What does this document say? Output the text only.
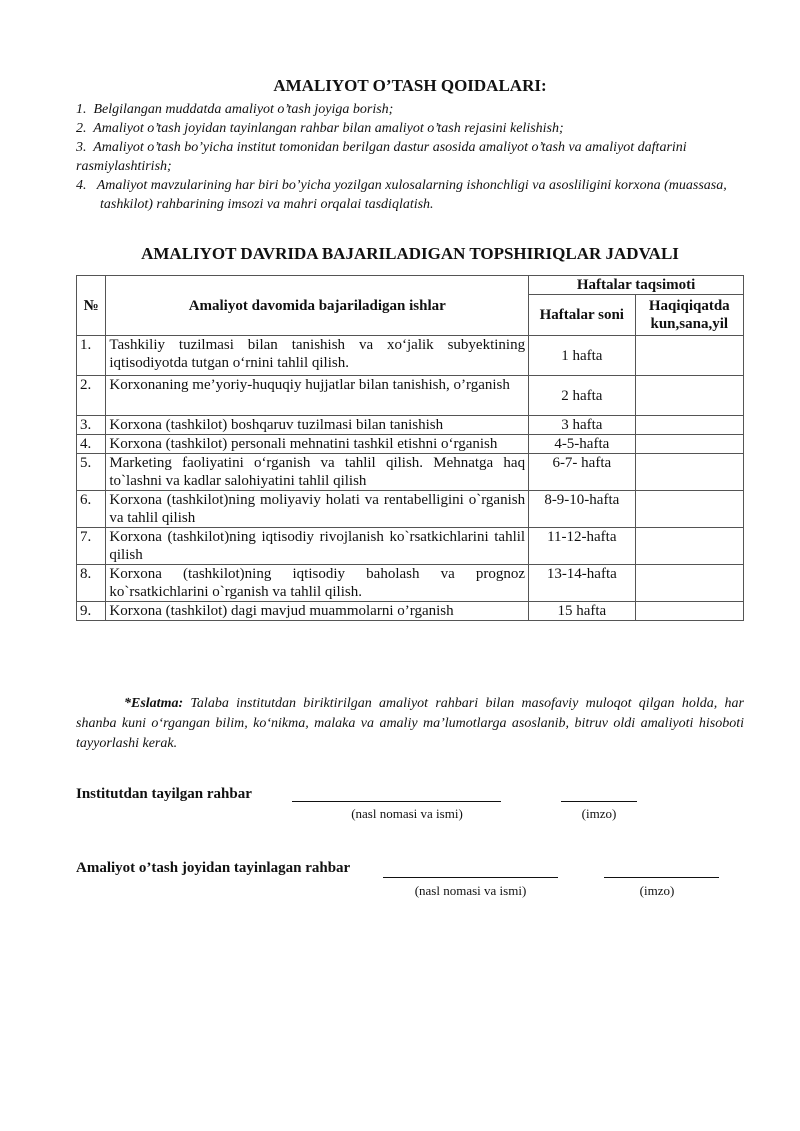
AMALIYOT O’TASH QOIDALARI:
1. Belgilangan muddatda amaliyot o’tash joyiga borish;
2. Amaliyot o’tash joyidan tayinlangan rahbar bilan amaliyot o’tash rejasini kelishish;
3. Amaliyot o’tash bo’yicha institut tomonidan berilgan dastur asosida amaliyot o’tash va amaliyot daftarini rasmiylashtirish;
4. Amaliyot mavzularining har biri bo’yicha yozilgan xulosalarning ishonchligi va asosliligini korxona (muassasa, tashkilot) rahbarining imsozi va mahri orqalai tasdiqlatish.
AMALIYOT DAVRIDA BAJARILADIGAN TOPSHIRIQLAR JADVALI
№	Amaliyot davomida bajariladigan ishlar	Haftalar taqsimoti	
		Haftalar soni	Haqiqiqatda kun,sana,yil
1.	Tashkiliy tuzilmasi bilan tanishish va xo‘jalik subyektining iqtisodiyotda tutgan o‘rnini tahlil qilish.	1 hafta	
2.	Korxonaning me’yoriy-huquqiy hujjatlar bilan tanishish, o’rganish	2 hafta	
3.	Korxona (tashkilot) boshqaruv tuzilmasi bilan tanishish	3 hafta	
4.	Korxona (tashkilot) personali mehnatini tashkil etishni o‘rganish	4-5-hafta	
5.	Marketing faoliyatini o‘rganish va tahlil qilish. Mehnatga haq to`lashni va kadlar salohiyatini tahlil qilish	6-7- hafta	
6.	Korxona (tashkilot)ning moliyaviy holati va rentabelligini o`rganish va tahlil qilish	8-9-10-hafta	
7.	Korxona (tashkilot)ning iqtisodiy rivojlanish ko`rsatkichlarini tahlil qilish	11-12-hafta	
8.	Korxona (tashkilot)ning iqtisodiy baholash va prognoz ko`rsatkichlarini o`rganish va tahlil qilish.	13-14-hafta	
9.	Korxona (tashkilot) dagi mavjud muammolarni o’rganish	15 hafta	
*Eslatma: Talaba institutdan biriktirilgan amaliyot rahbari bilan masofaviy muloqot qilgan holda, har shanba kuni o‘rgangan bilim, ko‘nikma, malaka va amaliy ma’lumotlarga asoslanib, bitruv oldi amaliyoti hisoboti tayyorlashi kerak.
Institutdan tayilgan rahbar
(nasl nomasi va ismi)	(imzo)
Amaliyot o’tash joyidan tayinlagan rahbar
(nasl nomasi va ismi)	(imzo)
